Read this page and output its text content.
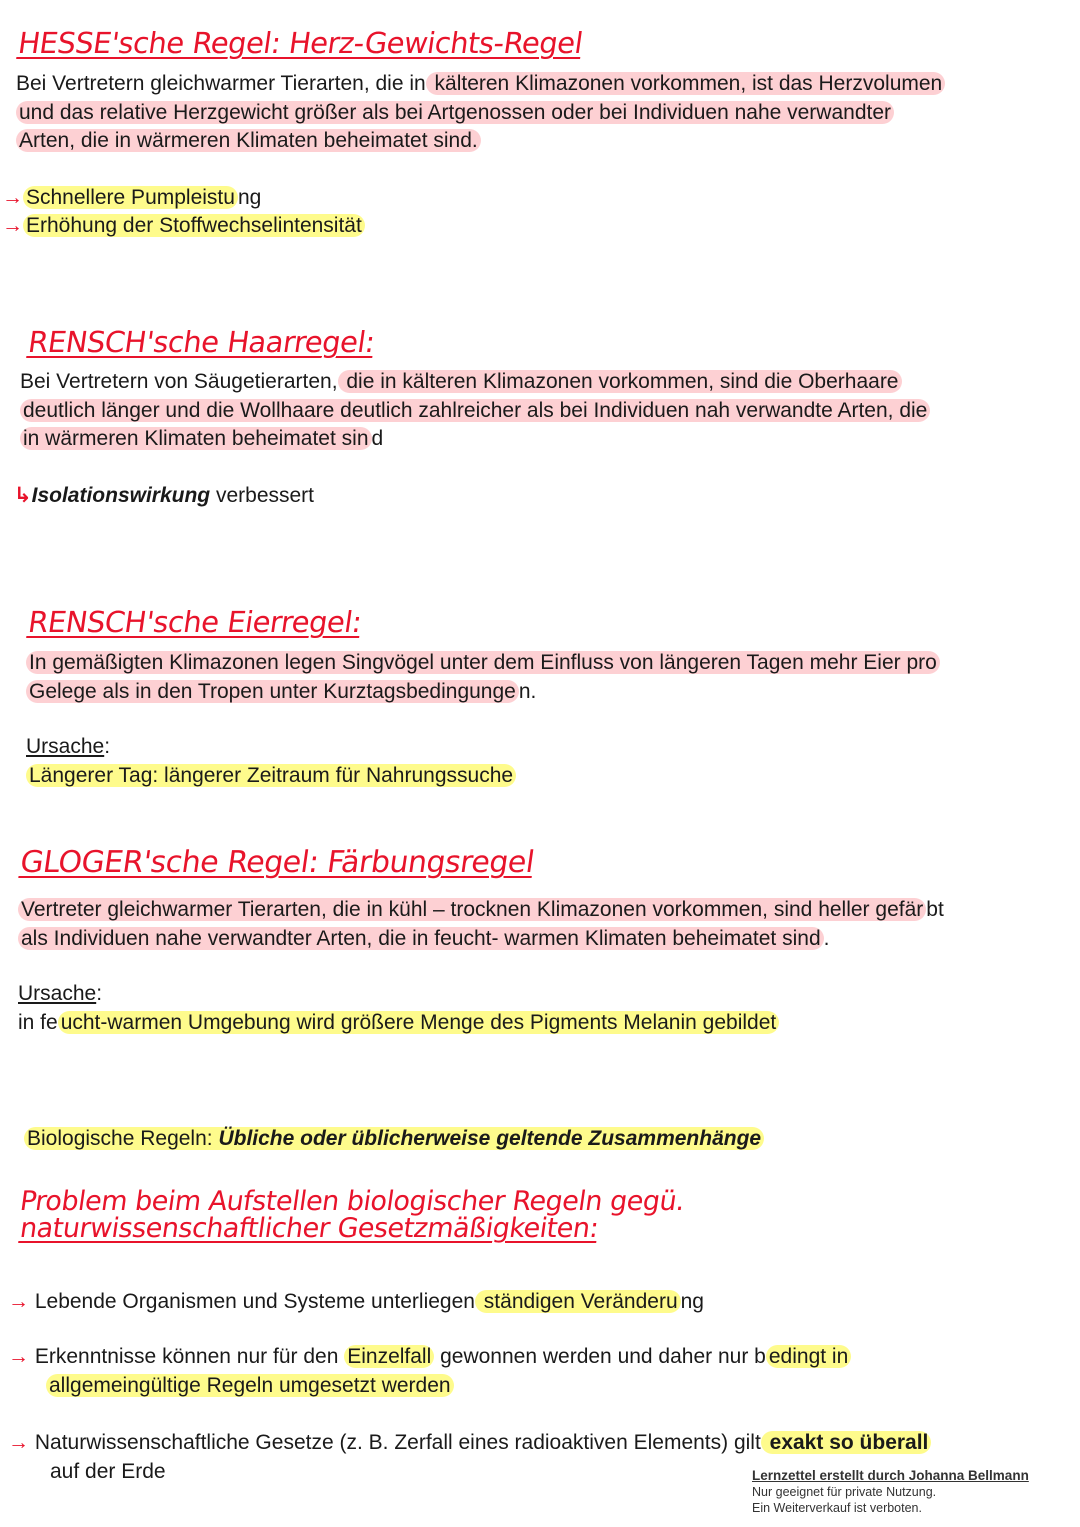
HESSE'sche Regel: Herz-Gewichts-Regel

Bei Vertretern gleichwarmer Tierarten, die in kälteren Klimazonen vorkommen, ist das Herzvolumen
und das relative Herzgewicht größer als bei Artgenossen oder bei Individuen nahe verwandter
Arten, die in wärmeren Klimaten beheimatet sind.

→ Schnellere Pumpleistu ng

→ Erhöhung der Stoffwechselintensität

RENSCH'sche Haarregel:

Bei Vertretern von Säugetierarten, die in kälteren Klimazonen vorkommen, sind die Oberhaare
deutlich länger und die Wollhaare deutlich zahlreicher als bei Individuen nah verwandte Arten, die
in wärmeren Klimaten beheimatet sin d

↳Isolationswirkung verbessert

RENSCH'sche Eierregel:

In gemäßigten Klimazonen legen Singvögel unter dem Einfluss von längeren Tagen mehr Eier pro
Gelege als in den Tropen unter Kurztagsbedingunge n.

Ursache:
Längerer Tag: längerer Zeitraum für Nahrungssuche

GLOGER'sche Regel: Färbungsregel

Vertreter gleichwarmer Tierarten, die in kühl – trocknen Klimazonen vorkommen, sind heller gefär bt
als Individuen nahe verwandter Arten, die in feucht- warmen Klimaten beheimatet sind .

Ursache:
in fe ucht-warmen Umgebung wird größere Menge des Pigments Melanin gebildet

Biologische Regeln: Übliche oder üblicherweise geltende Zusammenhänge

Problem beim Aufstellen biologischer Regeln gegü.
naturwissenschaftlicher Gesetzmäßigkeiten:

→ Lebende Organismen und Systeme unterliegen ständigen Veränderu ng

→ Erkenntnisse können nur für den Einzelfall gewonnen werden und daher nur b edingt in
allgemeingültige Regeln umgesetzt werden

→ Naturwissenschaftliche Gesetze (z. B. Zerfall eines radioaktiven Elements) gilt exakt so überall
auf der Erde	Lernzettel erstellt durch Johanna Bellmann
Nur geeignet für private Nutzung.
Ein Weiterverkauf ist verboten.
